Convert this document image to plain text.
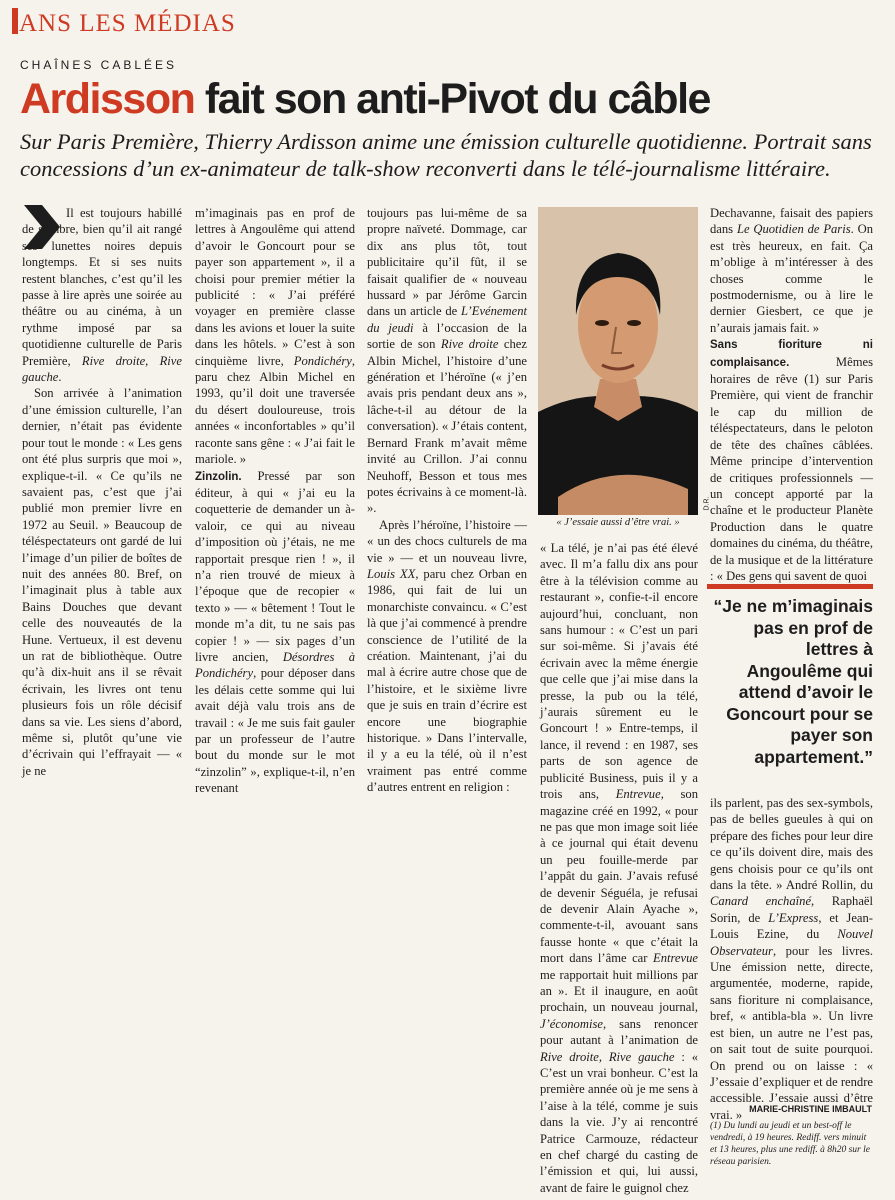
ANS LES MÉDIAS
CHAÎNES CABLÉES
Ardisson fait son anti-Pivot du câble
Sur Paris Première, Thierry Ardisson anime une émission culturelle quotidienne. Portrait sans concessions d’un ex-animateur de talk-show reconverti dans le télé-journalisme littéraire.

Il est toujours habillé de sombre, bien qu’il ait rangé ses lunettes noires depuis longtemps. Et si ses nuits restent blanches, c’est qu’il les passe à lire après une soirée au théâtre ou au cinéma, à un rythme imposé par sa quotidienne culturelle de Paris Première, Rive droite, Rive gauche.

Son arrivée à l’animation d’une émission culturelle, l’an dernier, n’était pas évidente pour tout le monde : « Les gens ont été plus surpris que moi », explique-t-il. « Ce qu’ils ne savaient pas, c’est que j’ai publié mon premier livre en 1972 au Seuil. » Beaucoup de téléspectateurs ont gardé de lui l’image d’un pilier de boîtes de nuit des années 80. Bref, on l’imaginait plus à table aux Bains Douches que devant celle des nouveautés de la Hune. Vertueux, il est devenu un rat de bibliothèque. Outre qu’à dix-huit ans il se rêvait écrivain, les livres ont tenu plusieurs fois un rôle décisif dans sa vie. Les siens d’abord, même si, plutôt qu’une vie d’écrivain qui l’effrayait — « je ne

m’imaginais pas en prof de lettres à Angoulême qui attend d’avoir le Goncourt pour se payer son appartement », il a choisi pour premier métier la publicité : « J’ai préféré voyager en première classe dans les avions et louer la suite dans les hôtels. » C’est à son cinquième livre, Pondichéry, paru chez Albin Michel en 1993, qu’il doit une traversée du désert douloureuse, trois années « inconfortables » qu’il raconte sans gêne : « J’ai fait le mariole. »

Zinzolin. Pressé par son éditeur, à qui « j’ai eu la coquetterie de demander un à-valoir, ce qui au niveau d’imposition où j’étais, ne me rapportait presque rien ! », il n’a rien trouvé de mieux à l’époque que de recopier « texto » — « bêtement ! Tout le monde m’a dit, tu ne sais pas copier ! » — six pages d’un livre ancien, Désordres à Pondichéry, pour déposer dans les délais cette somme qui lui avait déjà valu trois ans de travail : « Je me suis fait gauler par un professeur de l’autre bout du monde sur le mot “zinzolin” », explique-t-il, n’en revenant

toujours pas lui-même de sa propre naïveté. Dommage, car dix ans plus tôt, tout publicitaire qu’il fût, il se faisait qualifier de « nouveau hussard » par Jérôme Garcin dans un article de L’Evénement du jeudi à l’occasion de la sortie de son Rive droite chez Albin Michel, l’histoire d’une génération et l’héroïne (« j’en avais pris pendant deux ans », lâche-t-il au détour de la conversation). « J’étais content, Bernard Frank m’avait même invité au Crillon. J’ai connu Neuhoff, Besson et tous mes potes écrivains à ce moment-là. ».

Après l’héroïne, l’histoire — « un des chocs culturels de ma vie » — et un nouveau livre, Louis XX, paru chez Orban en 1986, qui fait de lui un monarchiste convaincu. « C’est là que j’ai commencé à prendre conscience de l’utilité de la création. Maintenant, j’ai du mal à écrire autre chose que de l’histoire, et le sixième livre que je suis en train d’écrire est encore une biographie historique. » Dans l’intervalle, il y a eu la télé, où il n’est vraiment pas entré comme d’autres entrent en religion :

D.R.
« J’essaie aussi d’être vrai. »

« La télé, je n’ai pas été élevé avec. Il m’a fallu dix ans pour être à la télévision comme au restaurant », confie-t-il encore aujourd’hui, concluant, non sans humour : « C’est un pari sur soi-même. Si j’avais été écrivain avec la même énergie que celle que j’ai mise dans la presse, la pub ou la télé, j’aurais sûrement eu le Goncourt ! » Entre-temps, il lance, il revend : en 1987, ses parts de son agence de publicité Business, puis il y a trois ans, Entrevue, son magazine créé en 1992, « pour ne pas que mon image soit liée à ce journal qui était devenu un peu fouille-merde par l’appât du gain. J’avais refusé de devenir Séguéla, je refusai de devenir Alain Ayache », commente-t-il, avouant sans fausse honte « que c’était la mort dans l’âme car Entrevue me rapportait huit millions par an ». Et il inaugure, en août prochain, un nouveau journal, J’économise, sans renoncer pour autant à l’animation de Rive droite, Rive gauche : « C’est un vrai bonheur. C’est la première année où je me sens à l’aise à la télé, comme je suis dans la vie. J’y ai rencontré Patrice Carmouze, rédacteur en chef chargé du casting de l’émission et qui, lui aussi, avant de faire le guignol chez

Dechavanne, faisait des papiers dans Le Quotidien de Paris. On est très heureux, en fait. Ça m’oblige à m’intéresser à des choses comme le postmodernisme, ou à lire le dernier Giesbert, ce que je n’aurais jamais fait. »

Sans fioriture ni complaisance. Mêmes horaires de rêve (1) sur Paris Première, qui vient de franchir le cap du million de téléspectateurs, dans le peloton de tête des chaînes câblées. Même principe d’intervention de critiques professionnels — un concept apporté par la chaîne et le producteur Planète Production dans le quatre domaines du cinéma, du théâtre, de la musique et de la littérature : « Des gens qui savent de quoi

“Je ne m’imaginais pas en prof de lettres à Angoulême qui attend d’avoir le Goncourt pour se payer son appartement.”

ils parlent, pas des sex-symbols, pas de belles gueules à qui on prépare des fiches pour leur dire ce qu’ils doivent dire, mais des gens choisis pour ce qu’ils ont dans la tête. » André Rollin, du Canard enchaîné, Raphaël Sorin, de L’Express, et Jean-Louis Ezine, du Nouvel Observateur, pour les livres. Une émission nette, directe, argumentée, moderne, rapide, sans fioriture ni complaisance, bref, « antibla-bla ». Un livre est bien, un autre ne l’est pas, on sait tout de suite pourquoi. On prend ou on laisse : « J’essaie d’expliquer et de rendre accessible. J’essaie aussi d’être vrai. » MARIE-CHRISTINE IMBAULT
(1) Du lundi au jeudi et un best-off le vendredi, à 19 heures. Rediff. vers minuit et 13 heures, plus une rediff. à 8h20 sur le réseau parisien.
